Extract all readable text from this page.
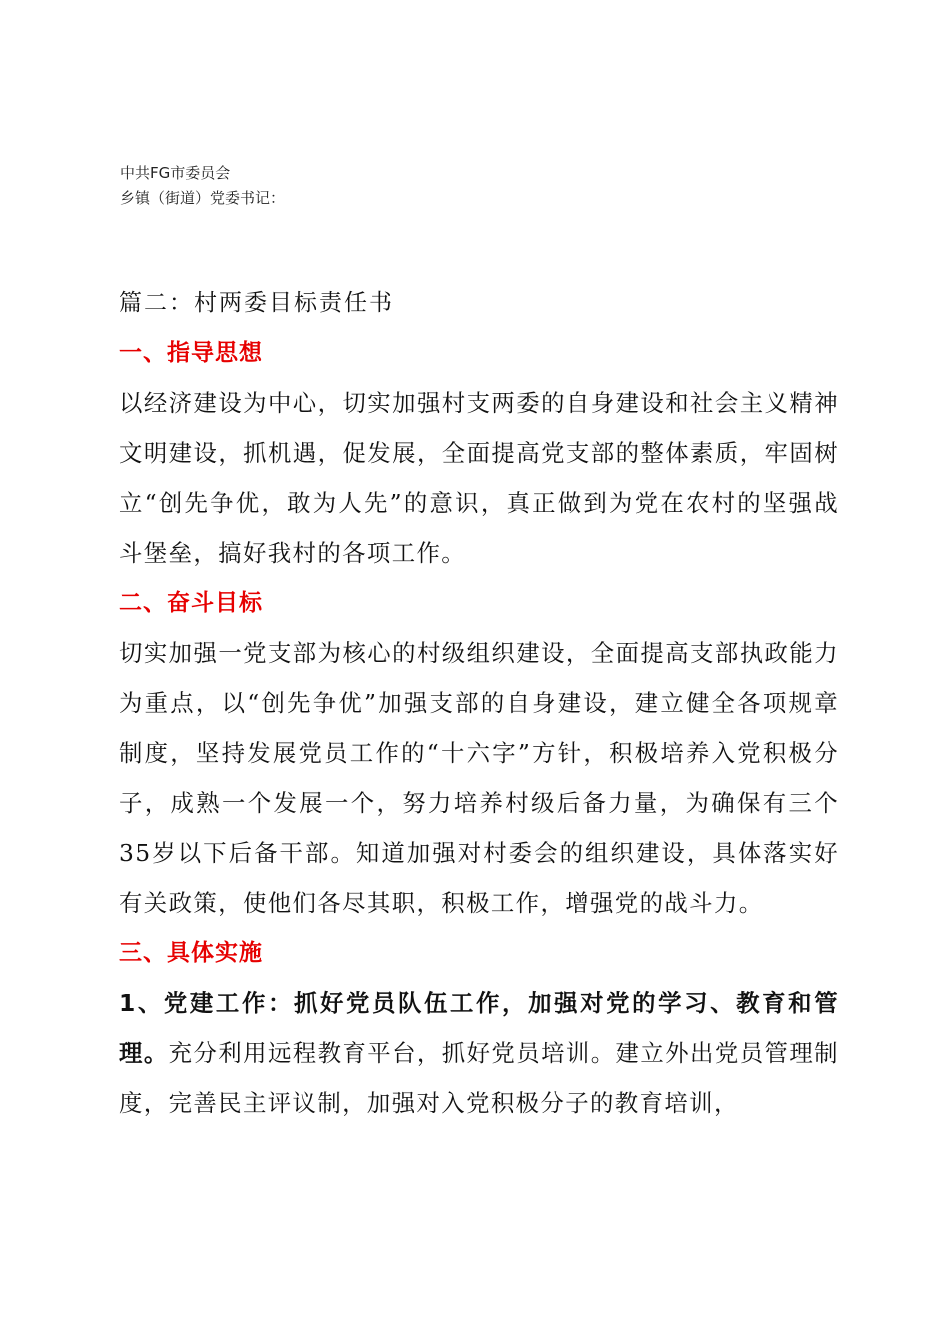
中共FG市委员会
乡镇（街道）党委书记：
篇二：村两委目标责任书
一、指导思想

以经济建设为中心，切实加强村支两委的自身建设和社会主义精神文明建设，抓机遇，促发展，全面提高党支部的整体素质，牢固树立“创先争优，敢为人先”的意识，真正做到为党在农村的坚强战斗堡垒，搞好我村的各项工作。

二、奋斗目标

切实加强一党支部为核心的村级组织建设，全面提高支部执政能力为重点，以“创先争优”加强支部的自身建设，建立健全各项规章制度，坚持发展党员工作的“十六字”方针，积极培养入党积极分子，成熟一个发展一个，努力培养村级后备力量，为确保有三个35岁以下后备干部。知道加强对村委会的组织建设，具体落实好有关政策，使他们各尽其职，积极工作，增强党的战斗力。

三、具体实施

1、党建工作：抓好党员队伍工作，加强对党的学习、教育和管理。充分利用远程教育平台，抓好党员培训。建立外出党员管理制度，完善民主评议制，加强对入党积极分子的教育培训，
